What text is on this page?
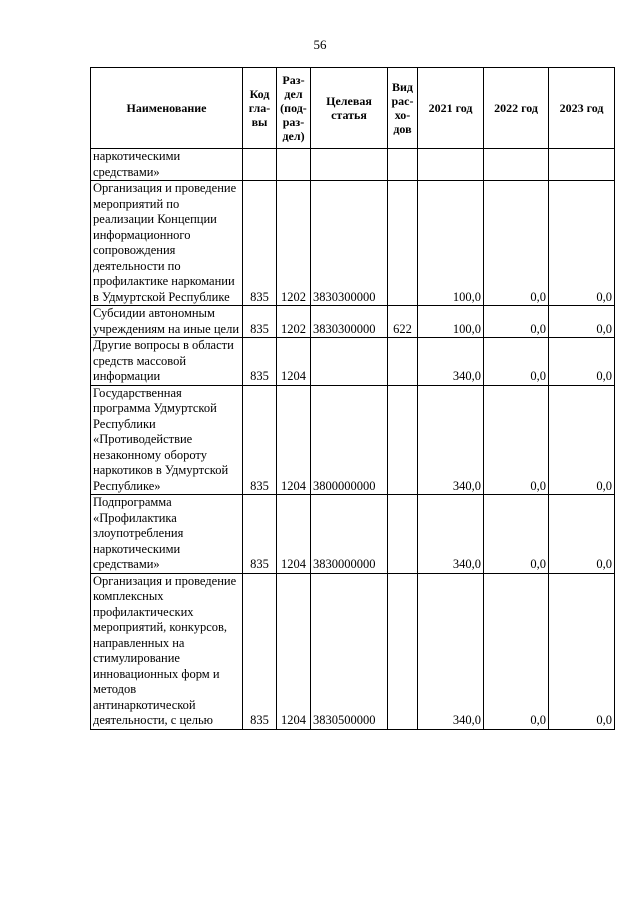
56
Наименование	Код гла- вы	Раз- дел (под- раз- дел)	Целевая статья	Вид рас- хо- дов	2021 год	2022 год	2023 год
наркотическими средствами»							
Организация и проведение мероприятий по реализации Концепции информационного сопровождения деятельности по профилактике наркомании в Удмуртской Республике	835	1202	3830300000		100,0	0,0	0,0
Субсидии автономным учреждениям на иные цели	835	1202	3830300000	622	100,0	0,0	0,0
Другие вопросы в области средств массовой информации	835	1204			340,0	0,0	0,0
Государственная программа Удмуртской Республики «Противодействие незаконному обороту наркотиков в Удмуртской Республике»	835	1204	3800000000		340,0	0,0	0,0
Подпрограмма «Профилактика злоупотребления наркотическими средствами»	835	1204	3830000000		340,0	0,0	0,0
Организация и проведение комплексных профилактических мероприятий, конкурсов, направленных на стимулирование инновационных форм и методов антинаркотической деятельности, с целью	835	1204	3830500000		340,0	0,0	0,0
